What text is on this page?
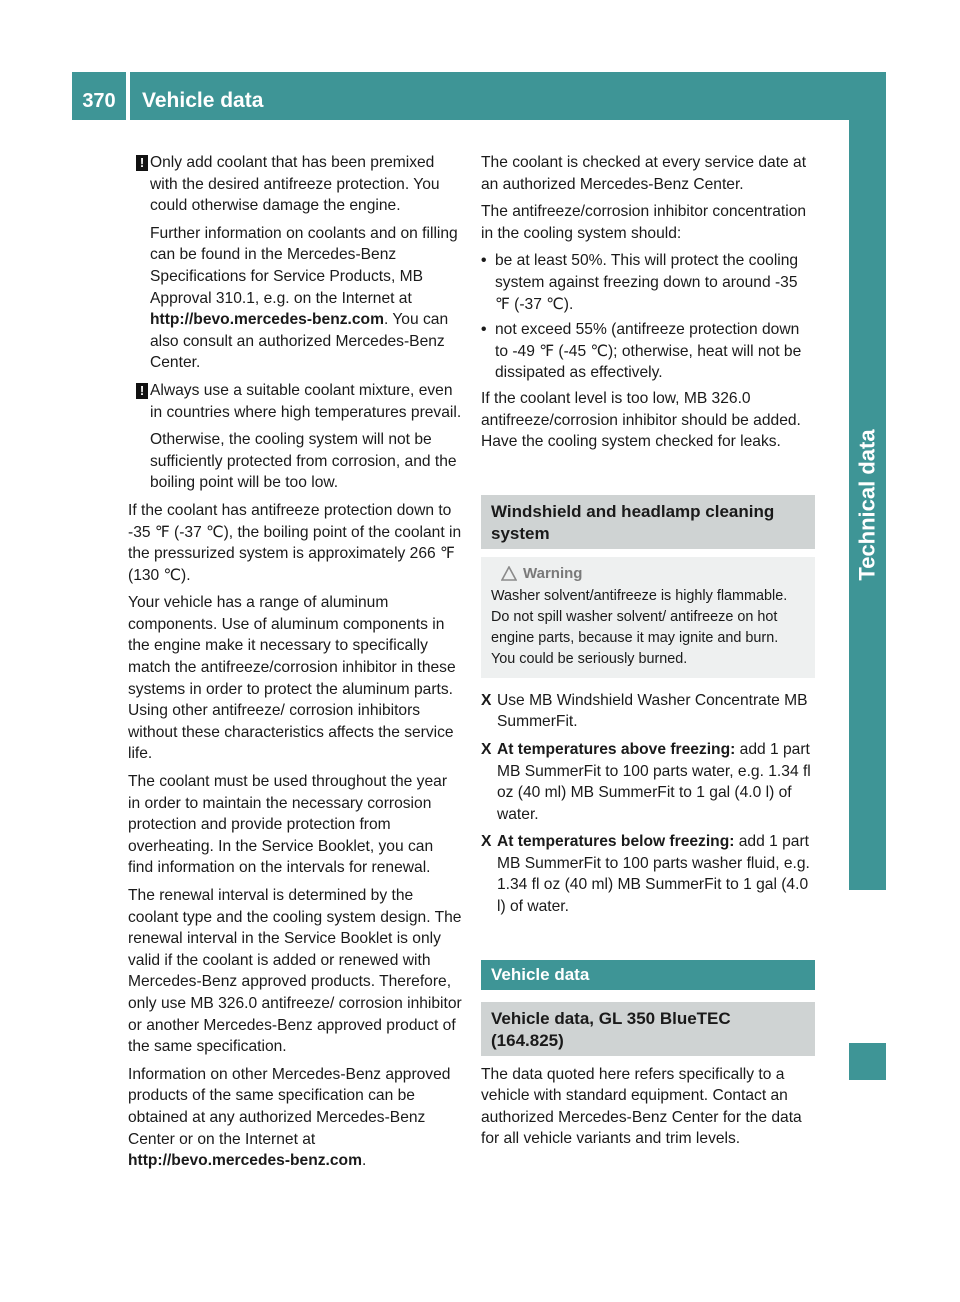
370	Vehicle data
Technical data
! Only add coolant that has been premixed with the desired antifreeze protection. You could otherwise damage the engine.

Further information on coolants and on filling can be found in the Mercedes-Benz Specifications for Service Products, MB Approval 310.1, e.g. on the Internet at http://bevo.mercedes-benz.com. You can also consult an authorized Mercedes-Benz Center.

! Always use a suitable coolant mixture, even in countries where high temperatures prevail.

Otherwise, the cooling system will not be sufficiently protected from corrosion, and the boiling point will be too low.

If the coolant has antifreeze protection down to -35 ℉ (-37 ℃), the boiling point of the coolant in the pressurized system is approximately 266 ℉ (130 ℃).

Your vehicle has a range of aluminum components. Use of aluminum components in the engine make it necessary to specifically match the antifreeze/corrosion inhibitor in these systems in order to protect the aluminum parts. Using other antifreeze/ corrosion inhibitors without these characteristics affects the service life.

The coolant must be used throughout the year in order to maintain the necessary corrosion protection and provide protection from overheating. In the Service Booklet, you can find information on the intervals for renewal.

The renewal interval is determined by the coolant type and the cooling system design. The renewal interval in the Service Booklet is only valid if the coolant is added or renewed with Mercedes-Benz approved products. Therefore, only use MB 326.0 antifreeze/ corrosion inhibitor or another Mercedes-Benz approved product of the same specification.

Information on other Mercedes-Benz approved products of the same specification can be obtained at any authorized Mercedes-Benz Center or on the Internet at http://bevo.mercedes-benz.com.

The coolant is checked at every service date at an authorized Mercedes-Benz Center.

The antifreeze/corrosion inhibitor concentration in the cooling system should:

• be at least 50%. This will protect the cooling system against freezing down to around -35 ℉ (-37 ℃).
• not exceed 55% (antifreeze protection down to -49 ℉ (-45 ℃); otherwise, heat will not be dissipated as effectively.

If the coolant level is too low, MB 326.0 antifreeze/corrosion inhibitor should be added. Have the cooling system checked for leaks.

Windshield and headlamp cleaning system
Warning
Washer solvent/antifreeze is highly flammable. Do not spill washer solvent/ antifreeze on hot engine parts, because it may ignite and burn. You could be seriously burned.
X Use MB Windshield Washer Concentrate MB SummerFit.
X At temperatures above freezing: add 1 part MB SummerFit to 100 parts water, e.g. 1.34 fl oz (40 ml) MB SummerFit to 1 gal (4.0 l) of water.
X At temperatures below freezing: add 1 part MB SummerFit to 100 parts washer fluid, e.g. 1.34 fl oz (40 ml) MB SummerFit to 1 gal (4.0 l) of water.
Vehicle data
Vehicle data, GL 350 BlueTEC (164.825)

The data quoted here refers specifically to a vehicle with standard equipment. Contact an authorized Mercedes-Benz Center for the data for all vehicle variants and trim levels.
